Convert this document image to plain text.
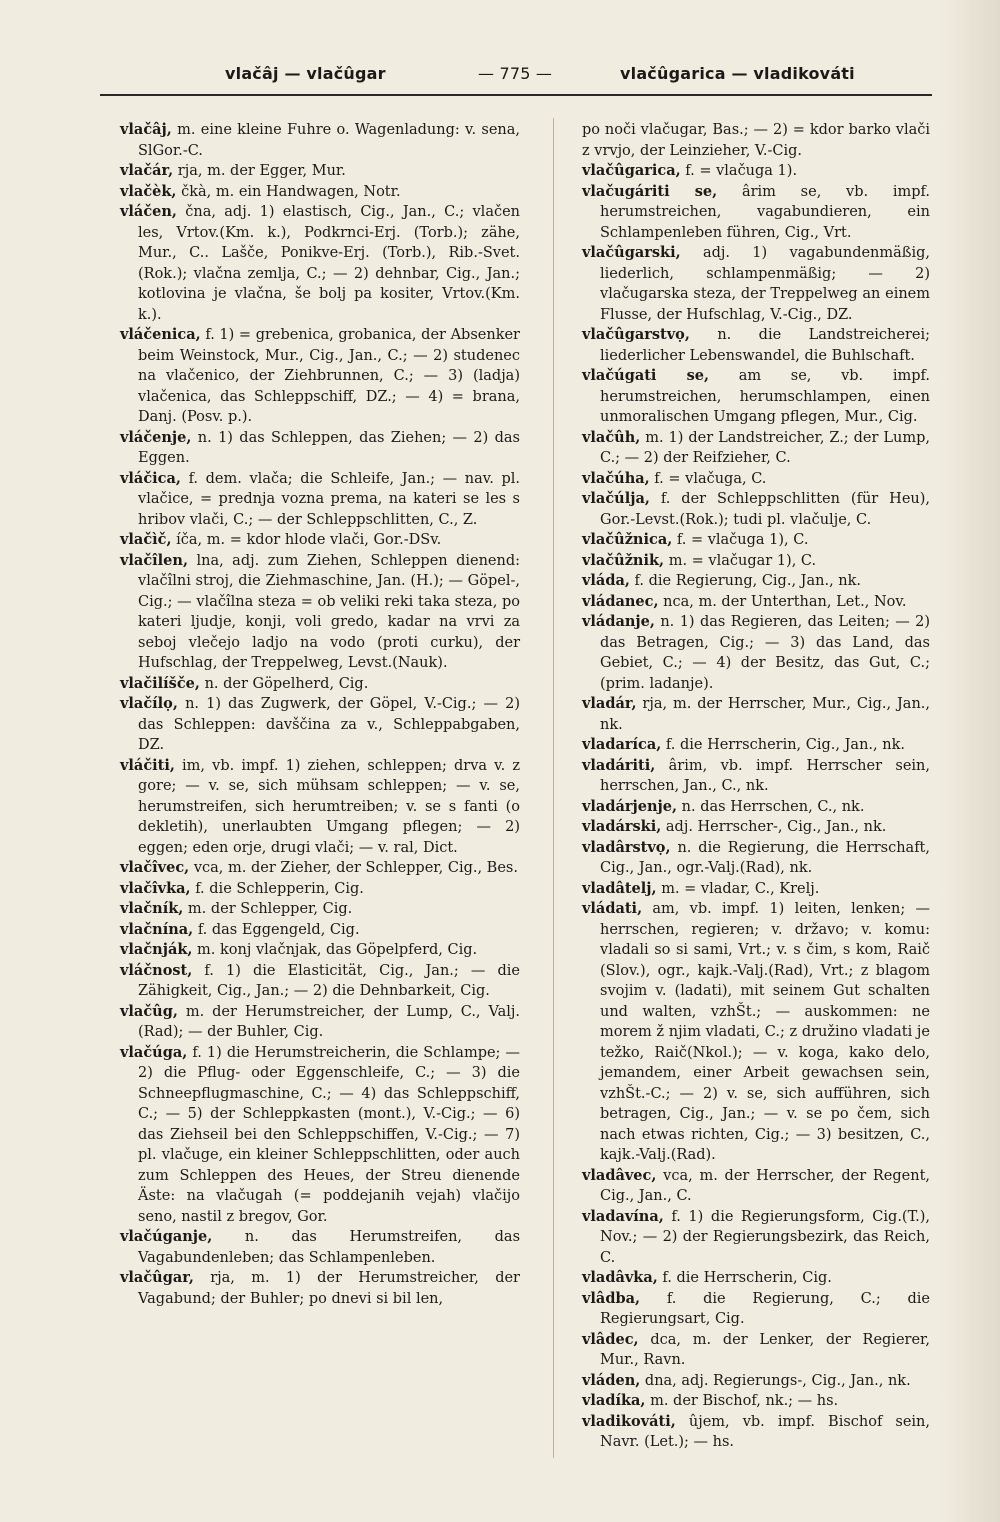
vlačâj — vlačûgar	— 775 —	vlačûgarica — vladikováti

vlačâj, m. eine kleine Fuhre o. Wagenladung: v. sena, SlGor.-C.

vlačár, rja, m. der Egger, Mur.

vlačèk, čkà, m. ein Handwagen, Notr.

vláčen, čna, adj. 1) elastisch, Cig., Jan., C.; vlačen les, Vrtov.(Km. k.), Podkrnci-Erj. (Torb.); zähe, Mur., C.. Lašče, Ponikve-Erj. (Torb.), Rib.-Svet.(Rok.); vlačna zemlja, C.; — 2) dehnbar, Cig., Jan.; kotlovina je vlačna, še bolj pa kositer, Vrtov.(Km. k.).

vláčenica, f. 1) = grebenica, grobanica, der Absenker beim Weinstock, Mur., Cig., Jan., C.; — 2) studenec na vlačenico, der Ziehbrunnen, C.; — 3) (ladja) vlačenica, das Schleppschiff, DZ.; — 4) = brana, Danj. (Posv. p.).

vláčenje, n. 1) das Schleppen, das Ziehen; — 2) das Eggen.

vláčica, f. dem. vlača; die Schleife, Jan.; — nav. pl. vlačice, = prednja vozna prema, na kateri se les s hribov vlači, C.; — der Schleppschlitten, C., Z.

vlačìč, íča, m. = kdor hlode vlači, Gor.-DSv.

vlačîlen, lna, adj. zum Ziehen, Schleppen dienend: vlačîlni stroj, die Ziehmaschine, Jan. (H.); — Göpel-, Cig.; — vlačîlna steza = ob veliki reki taka steza, po kateri ljudje, konji, voli gredo, kadar na vrvi za seboj vlečejo ladjo na vodo (proti curku), der Hufschlag, der Treppelweg, Levst.(Nauk).

vlačilíšče, n. der Göpelherd, Cig.

vlačílọ, n. 1) das Zugwerk, der Göpel, V.-Cig.; — 2) das Schleppen: davščina za v., Schleppabgaben, DZ.

vláčiti, im, vb. impf. 1) ziehen, schleppen; drva v. z gore; — v. se, sich mühsam schleppen; — v. se, herumstreifen, sich herumtreiben; v. se s fanti (o dekletih), unerlaubten Umgang pflegen; — 2) eggen; eden orje, drugi vlači; — v. ral, Dict.

vlačîvec, vca, m. der Zieher, der Schlepper, Cig., Bes.

vlačîvka, f. die Schlepperin, Cig.

vlačník, m. der Schlepper, Cig.

vlačnína, f. das Eggengeld, Cig.

vlačnják, m. konj vlačnjak, das Göpelpferd, Cig.

vláčnost, f. 1) die Elasticität, Cig., Jan.; — die Zähigkeit, Cig., Jan.; — 2) die Dehnbarkeit, Cig.

vlačûg, m. der Herumstreicher, der Lump, C., Valj.(Rad); — der Buhler, Cig.

vlačúga, f. 1) die Herumstreicherin, die Schlampe; — 2) die Pflug- oder Eggenschleife, C.; — 3) die Schneepflugmaschine, C.; — 4) das Schleppschiff, C.; — 5) der Schleppkasten (mont.), V.-Cig.; — 6) das Ziehseil bei den Schleppschiffen, V.-Cig.; — 7) pl. vlačuge, ein kleiner Schleppschlitten, oder auch zum Schleppen des Heues, der Streu dienende Äste: na vlačugah (= poddejanih vejah) vlačijo seno, nastil z bregov, Gor.

vlačúganje, n. das Herumstreifen, das Vagabundenleben; das Schlampenleben.

vlačûgar, rja, m. 1) der Herumstreicher, der Vagabund; der Buhler; po dnevi si bil len,

po noči vlačugar, Bas.; — 2) = kdor barko vlači z vrvjo, der Leinzieher, V.-Cig.

vlačûgarica, f. = vlačuga 1).

vlačugáriti se, ârim se, vb. impf. herumstreichen, vagabundieren, ein Schlampenleben führen, Cig., Vrt.

vlačûgarski, adj. 1) vagabundenmäßig, liederlich, schlampenmäßig; — 2) vlačugarska steza, der Treppelweg an einem Flusse, der Hufschlag, V.-Cig., DZ.

vlačûgarstvọ, n. die Landstreicherei; liederlicher Lebenswandel, die Buhlschaft.

vlačúgati se, am se, vb. impf. herumstreichen, herumschlampen, einen unmoralischen Umgang pflegen, Mur., Cig.

vlačûh, m. 1) der Landstreicher, Z.; der Lump, C.; — 2) der Reifzieher, C.

vlačúha, f. = vlačuga, C.

vlačúlja, f. der Schleppschlitten (für Heu), Gor.-Levst.(Rok.); tudi pl. vlačulje, C.

vlačûžnica, f. = vlačuga 1), C.

vlačûžnik, m. = vlačugar 1), C.

vláda, f. die Regierung, Cig., Jan., nk.

vládanec, nca, m. der Unterthan, Let., Nov.

vládanje, n. 1) das Regieren, das Leiten; — 2) das Betragen, Cig.; — 3) das Land, das Gebiet, C.; — 4) der Besitz, das Gut, C.; (prim. ladanje).

vladár, rja, m. der Herrscher, Mur., Cig., Jan., nk.

vladaríca, f. die Herrscherin, Cig., Jan., nk.

vladáriti, ârim, vb. impf. Herrscher sein, herrschen, Jan., C., nk.

vladárjenje, n. das Herrschen, C., nk.

vladárski, adj. Herrscher-, Cig., Jan., nk.

vladârstvọ, n. die Regierung, die Herrschaft, Cig., Jan., ogr.-Valj.(Rad), nk.

vladâtelj, m. = vladar, C., Krelj.

vládati, am, vb. impf. 1) leiten, lenken; — herrschen, regieren; v. državo; v. komu: vladali so si sami, Vrt.; v. s čim, s kom, Raič (Slov.), ogr., kajk.-Valj.(Rad), Vrt.; z blagom svojim v. (ladati), mit seinem Gut schalten und walten, vzhŠt.; — auskommen: ne morem ž njim vladati, C.; z družino vladati je težko, Raič(Nkol.); — v. koga, kako delo, jemandem, einer Arbeit gewachsen sein, vzhŠt.-C.; — 2) v. se, sich aufführen, sich betragen, Cig., Jan.; — v. se po čem, sich nach etwas richten, Cig.; — 3) besitzen, C., kajk.-Valj.(Rad).

vladâvec, vca, m. der Herrscher, der Regent, Cig., Jan., C.

vladavína, f. 1) die Regierungsform, Cig.(T.), Nov.; — 2) der Regierungsbezirk, das Reich, C.

vladâvka, f. die Herrscherin, Cig.

vlâdba, f. die Regierung, C.; die Regierungsart, Cig.

vlâdec, dca, m. der Lenker, der Regierer, Mur., Ravn.

vláden, dna, adj. Regierungs-, Cig., Jan., nk.

vladíka, m. der Bischof, nk.; — hs.

vladikováti, ûjem, vb. impf. Bischof sein, Navr. (Let.); — hs.
